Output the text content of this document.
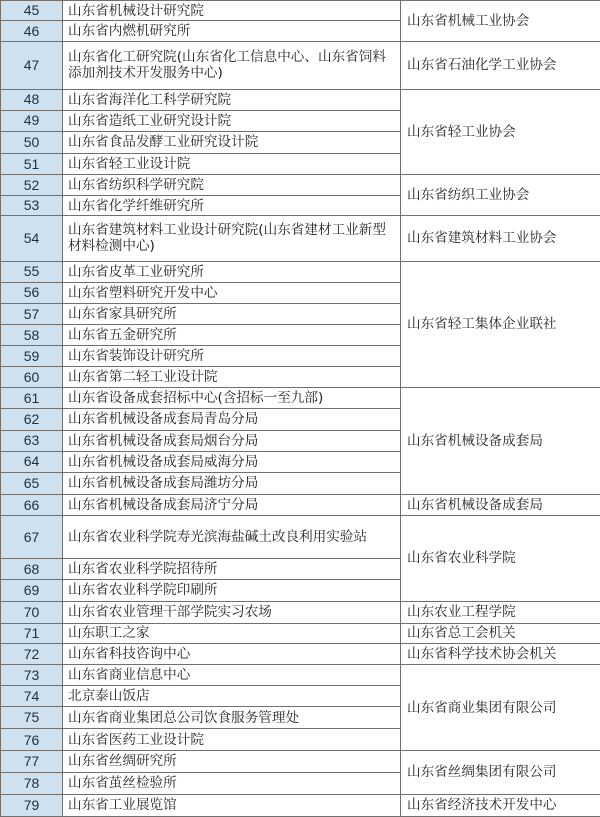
45	山东省机械设计研究院	山东省机械工业协会
46	山东省内燃机研究所	
47	山东省化工研究院(山东省化工信息中心、山东省饲料添加剂技术开发服务中心)	山东省石油化学工业协会
48	山东省海洋化工科学研究院	山东省轻工业协会
49	山东省造纸工业研究设计院	
50	山东省食品发酵工业研究设计院	
51	山东省轻工业设计院	
52	山东省纺织科学研究院	山东省纺织工业协会
53	山东省化学纤维研究所	
54	山东省建筑材料工业设计研究院(山东省建材工业新型材料检测中心)	山东省建筑材料工业协会
55	山东省皮革工业研究所	山东省轻工集体企业联社
56	山东省塑料研究开发中心	
57	山东省家具研究所	
58	山东省五金研究所	
59	山东省装饰设计研究所	
60	山东省第二轻工业设计院	
61	山东省设备成套招标中心(含招标一至九部)	山东省机械设备成套局
62	山东省机械设备成套局青岛分局	
63	山东省机械设备成套局烟台分局	
64	山东省机械设备成套局威海分局	
65	山东省机械设备成套局潍坊分局	
66	山东省机械设备成套局济宁分局	山东省机械设备成套局
67	山东省农业科学院寿光滨海盐碱土改良利用实验站	山东省农业科学院
68	山东省农业科学院招待所	
69	山东省农业科学院印刷所	
70	山东省农业管理干部学院实习农场	山东农业工程学院
71	山东职工之家	山东省总工会机关
72	山东省科技咨询中心	山东省科学技术协会机关
73	山东省商业信息中心	山东省商业集团有限公司
74	北京泰山饭店	
75	山东省商业集团总公司饮食服务管理处	
76	山东省医药工业设计院	
77	山东省丝绸研究所	山东省丝绸集团有限公司
78	山东省茧丝检验所	
79	山东省工业展览馆	山东省经济技术开发中心
